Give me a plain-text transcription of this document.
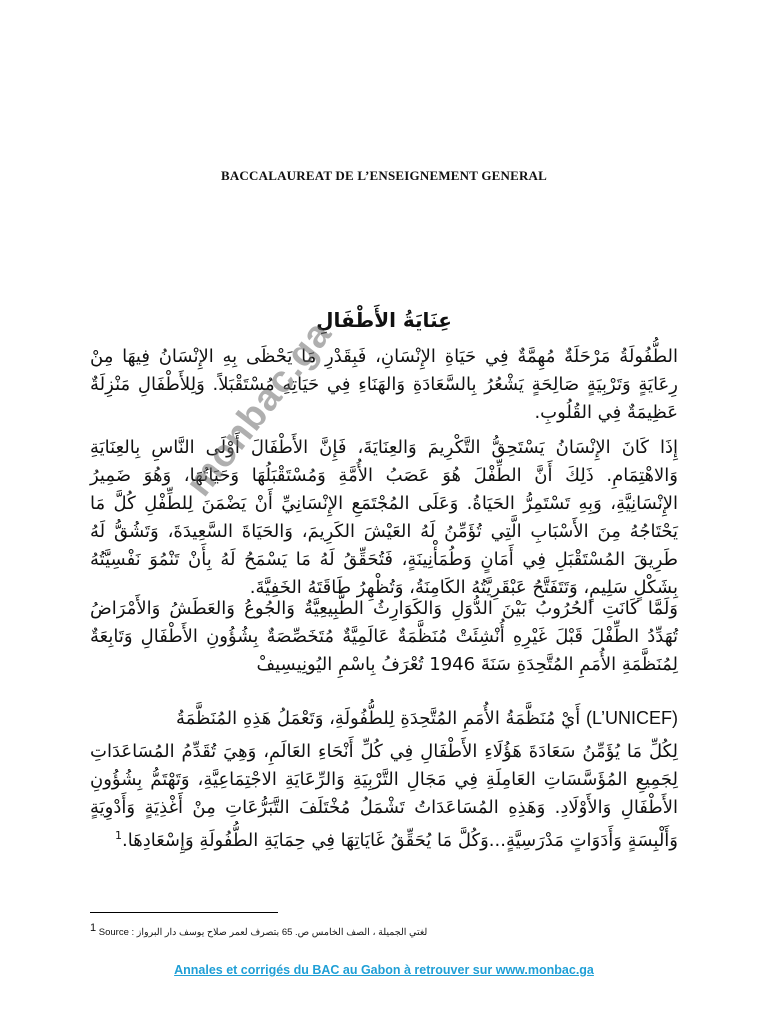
BACCALAUREAT DE L’ENSEIGNEMENT GENERAL
عِنَايَةُ الأَطْفَالِ
الطُّفُولَةُ مَرْحَلَةٌ مُهِمَّةٌ فِي حَيَاةِ الإِنْسَانِ، فَبِقَدْرِ مَا يَحْظَى بِهِ الإِنْسَانُ فِيهَا مِنْ رِعَايَةٍ وَتَرْبِيَةٍ صَالِحَةٍ يَشْعُرُ بِالسَّعَادَةِ وَالهَنَاءِ فِي حَيَاتِهِ مُسْتَقْبَلاً. وَلِلأَطْفَالِ مَنْزِلَةٌ عَظِيمَةٌ فِي القُلُوبِ.
إِذَا كَانَ الإِنْسَانُ يَسْتَحِقُّ التَّكْرِيمَ وَالعِنَايَةَ، فَإِنَّ الأَطْفَالَ أَوْلَى النَّاسِ بِالعِنَايَةِ وَالاهْتِمَامِ. ذَلِكَ أَنَّ الطِّفْلَ هُوَ عَصَبُ الأُمَّةِ وَمُسْتَقْبَلُهَا وَحَيَاتُهَا، وَهُوَ ضَمِيرُ الإِنْسَانِيَّةِ، وَبِهِ تَسْتَمِرُّ الحَيَاةُ. وَعَلَى المُجْتَمَعِ الإِنْسَانِيِّ أَنْ يَضْمَنَ لِلطِّفْلِ كُلَّ مَا يَحْتَاجُهُ مِنَ الأَسْبَابِ الَّتِي تُؤَمِّنُ لَهُ العَيْشَ الكَرِيمَ، وَالحَيَاةَ السَّعِيدَةَ، وَتَشُقُّ لَهُ طَرِيقَ المُسْتَقْبَلِ فِي أَمَانٍ وَطُمَأْنِينَةٍ، فَتُحَقِّقُ لَهُ مَا يَسْمَحُ لَهُ بِأَنْ تَنْمُوَ نَفْسِيَّتُهُ بِشَكْلٍ سَلِيمٍ، وَتَتَفَتَّحُ عَبْقَرِيَّتُهُ الكَامِنَةُ، وَتُظْهِرُ طَاقَتَهُ الخَفِيَّةَ.
وَلَمَّا كَانَتِ الحُرُوبُ بَيْنَ الدُّوَلِ وَالكَوَارِثُ الطَّبِيعِيَّةُ وَالجُوعُ وَالعَطَشُ وَالأَمْرَاضُ تُهَدِّدُ الطِّفْلَ قَبْلَ غَيْرِهِ أُنْشِئَتْ مُنَظَّمَةٌ عَالَمِيَّةٌ مُتَخَصِّصَةٌ بِشُؤُونِ الأَطْفَالِ وَتَابِعَةٌ لِمُنَظَّمَةِ الأُمَمِ المُتَّحِدَةِ سَنَةَ 1946 تُعْرَفُ بِاسْمِ اليُونِيسِيفْ
(L’UNICEF) أَيْ مُنَظَّمَةُ الأُمَمِ المُتَّحِدَةِ لِلطُّفُولَةِ، وَتَعْمَلُ هَذِهِ المُنَظَّمَةُ
لِكُلِّ مَا يُؤَمِّنُ سَعَادَةَ هَؤُلَاءِ الأَطْفَالِ فِي كُلِّ أَنْحَاءِ العَالَمِ، وَهِيَ تُقَدِّمُ المُسَاعَدَاتِ لِجَمِيعِ المُؤَسَّسَاتِ العَامِلَةِ فِي مَجَالِ التَّرْبِيَةِ وَالرِّعَايَةِ الاجْتِمَاعِيَّةِ، وَتَهْتَمُّ بِشُؤُونِ الأَطْفَالِ وَالأَوْلَادِ. وَهَذِهِ المُسَاعَدَاتُ تَشْمَلُ مُخْتَلَفَ التَّبَرُّعَاتِ مِنْ أَغْذِيَةٍ وَأَدْوِيَةٍ وَأَلْبِسَةٍ وَأَدَوَاتٍ مَدْرَسِيَّةٍ...وَكُلَّ مَا يُحَقِّقُ غَايَاتِهَا فِي حِمَايَةِ الطُّفُولَةِ وَإِسْعَادِهَا.$^1$
monbac.ga
$^1$ Source : لغتي الجميلة ، الصف الخامس ص. 65 بتصرف لعمر صلاح يوسف دار البرواز
Annales et corrigés du BAC au Gabon à retrouver sur www.monbac.ga
